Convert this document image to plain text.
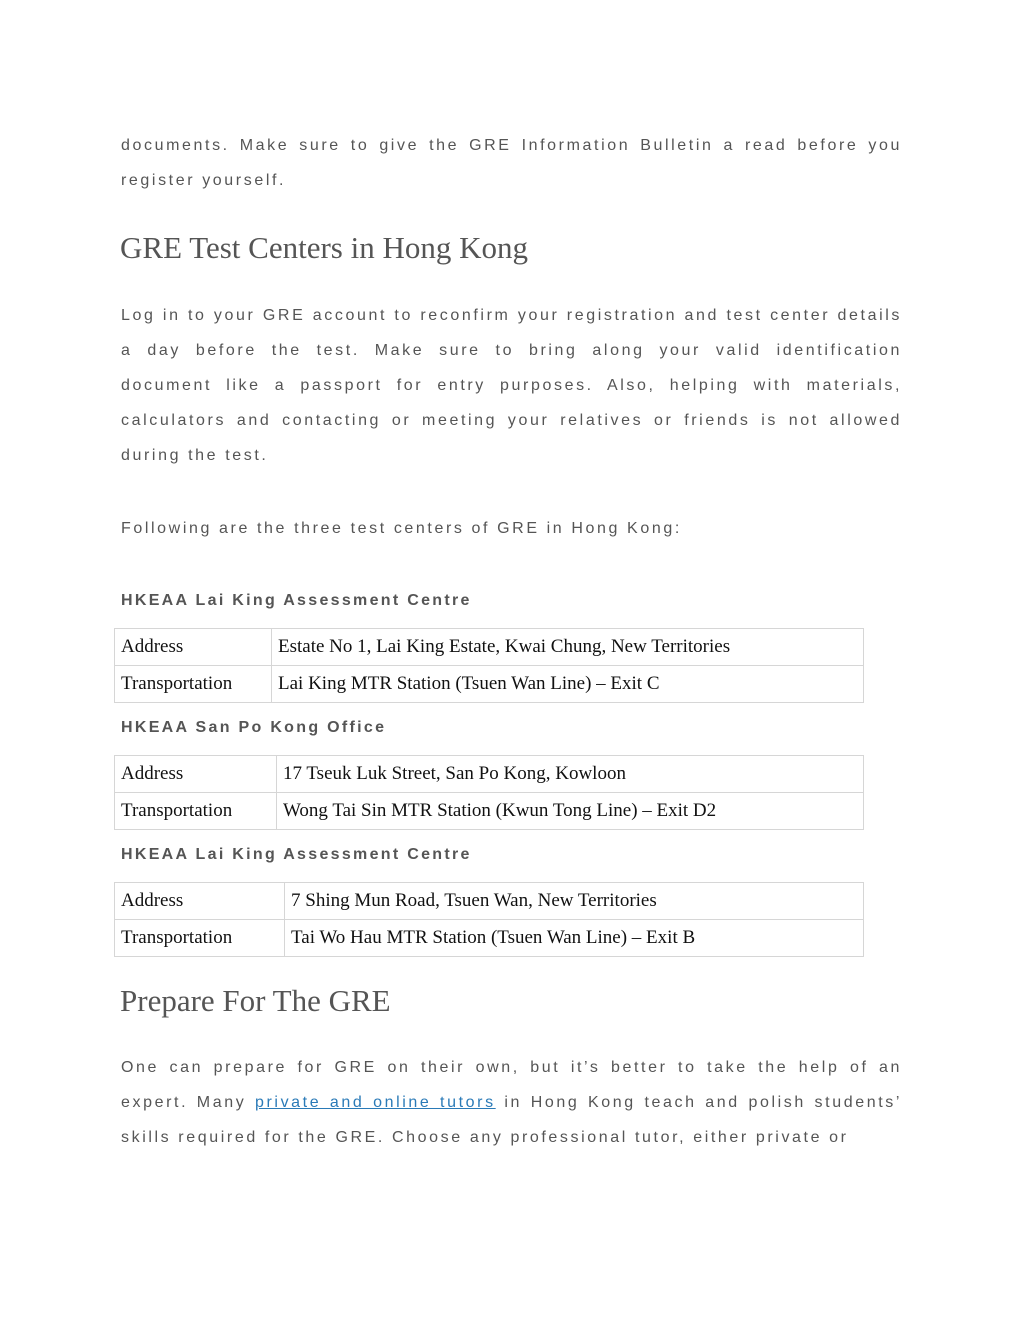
documents. Make sure to give the GRE Information Bulletin a read before you register yourself.

GRE Test Centers in Hong Kong

Log in to your GRE account to reconfirm your registration and test center details a day before the test. Make sure to bring along your valid identification document like a passport for entry purposes. Also, helping with materials, calculators and contacting or meeting your relatives or friends is not allowed during the test.

Following are the three test centers of GRE in Hong Kong:

HKEAA Lai King Assessment Centre
Address	Estate No 1, Lai King Estate, Kwai Chung, New Territories
Transportation	Lai King MTR Station (Tsuen Wan Line) – Exit C
HKEAA San Po Kong Office
Address	17 Tseuk Luk Street, San Po Kong, Kowloon
Transportation	Wong Tai Sin MTR Station (Kwun Tong Line) – Exit D2
HKEAA Lai King Assessment Centre
Address	7 Shing Mun Road, Tsuen Wan, New Territories
Transportation	Tai Wo Hau MTR Station (Tsuen Wan Line) – Exit B
Prepare For The GRE

One can prepare for GRE on their own, but it’s better to take the help of an expert. Many private and online tutors in Hong Kong teach and polish students’ skills required for the GRE. Choose any professional tutor, either private or
